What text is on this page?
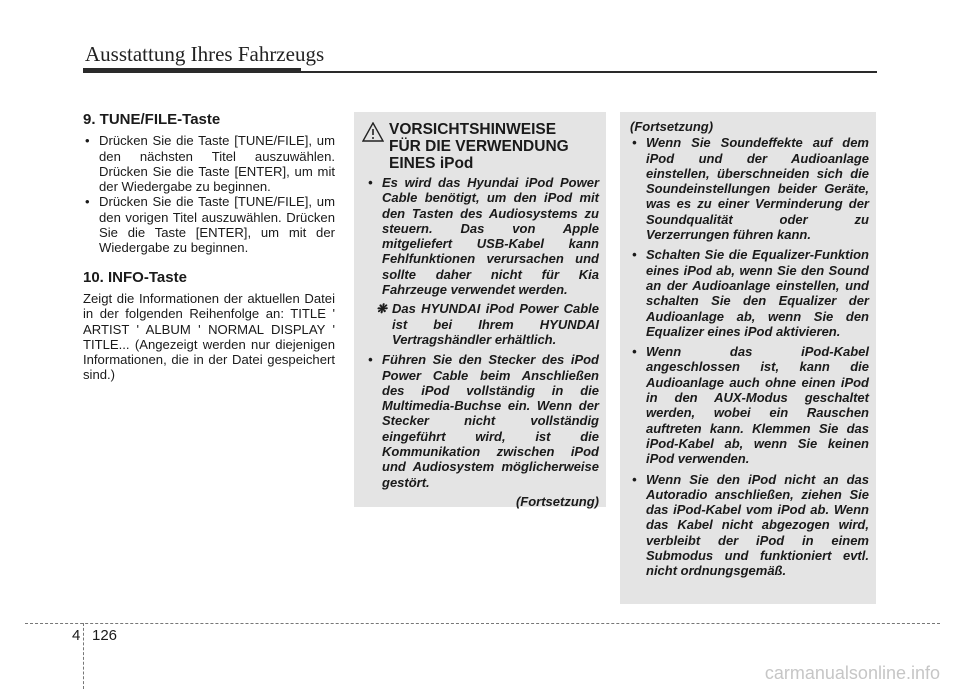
Ausstattung Ihres Fahrzeugs
9. TUNE/FILE-Taste
• Drücken Sie die Taste [TUNE/FILE], um den nächsten Titel auszuwählen. Drücken Sie die Taste [ENTER], um mit der Wiedergabe zu beginnen.
• Drücken Sie die Taste [TUNE/FILE], um den vorigen Titel auszuwählen. Drücken Sie die Taste [ENTER], um mit der Wiedergabe zu beginnen.
10. INFO-Taste
Zeigt die Informationen der aktuellen Datei in der folgenden Reihenfolge an: TITLE ' ARTIST ' ALBUM ' NORMAL DISPLAY ' TITLE... (Angezeigt werden nur diejenigen Informationen, die in der Datei gespeichert sind.)
VORSICHTSHINWEISE
FÜR DIE VERWENDUNG
EINES iPod
• Es wird das Hyundai iPod Power Cable benötigt, um den iPod mit den Tasten des Audiosystems zu steuern. Das von Apple mitgeliefert USB-Kabel kann Fehlfunktionen verursachen und sollte daher nicht für Kia Fahrzeuge verwendet werden.
❋ Das HYUNDAI iPod Power Cable ist bei Ihrem HYUNDAI Vertragshändler erhältlich.
• Führen Sie den Stecker des iPod Power Cable beim Anschließen des iPod vollständig in die Multimedia-Buchse ein. Wenn der Stecker nicht vollständig eingeführt wird, ist die Kommunikation zwischen iPod und Audiosystem möglicherweise gestört.
(Fortsetzung)
(Fortsetzung)
• Wenn Sie Soundeffekte auf dem iPod und der Audioanlage einstellen, überschneiden sich die Soundeinstellungen beider Geräte, was es zu einer Verminderung der Soundqualität oder zu Verzerrungen führen kann.
• Schalten Sie die Equalizer-Funktion eines iPod ab, wenn Sie den Sound an der Audioanlage einstellen, und schalten Sie den Equalizer der Audioanlage ab, wenn Sie den Equalizer eines iPod aktivieren.
• Wenn das iPod-Kabel angeschlossen ist, kann die Audioanlage auch ohne einen iPod in den AUX-Modus geschaltet werden, wobei ein Rauschen auftreten kann. Klemmen Sie das iPod-Kabel ab, wenn Sie keinen iPod verwenden.
• Wenn Sie den iPod nicht an das Autoradio anschließen, ziehen Sie das iPod-Kabel vom iPod ab. Wenn das Kabel nicht abgezogen wird, verbleibt der iPod in einem Submodus und funktioniert evtl. nicht ordnungsgemäß.
4 126
carmanualsonline.info
